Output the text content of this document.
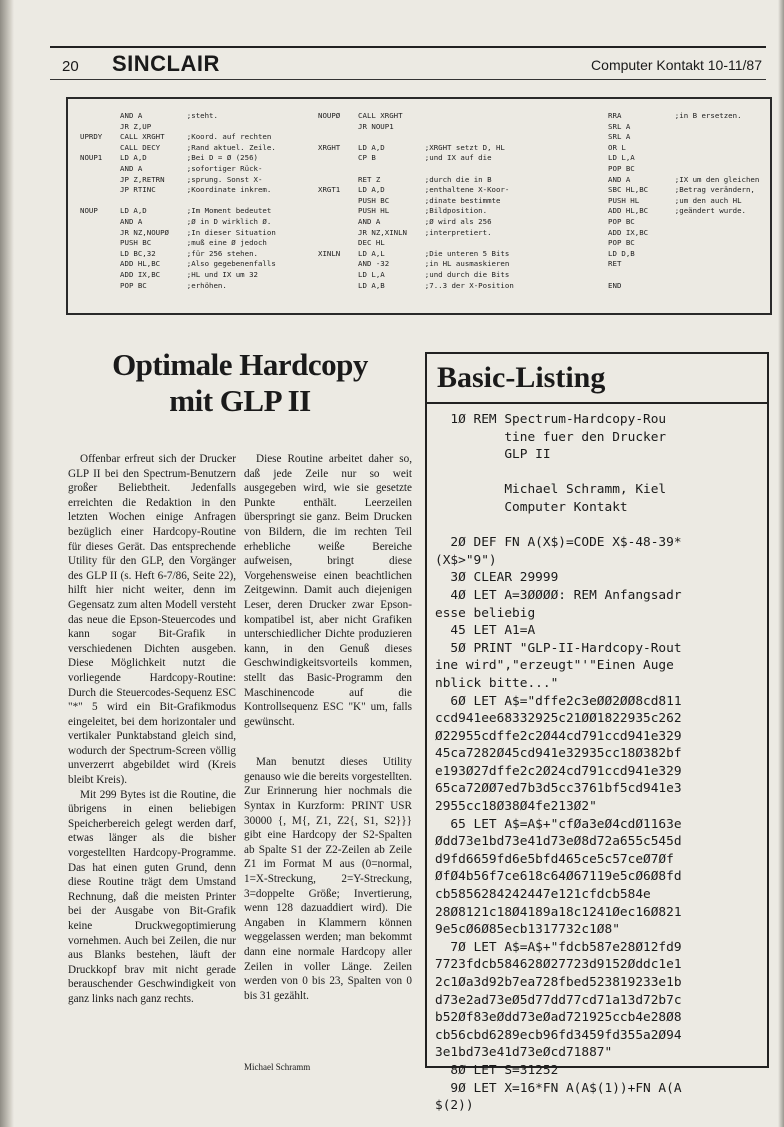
20 SINCLAIR	Computer Kontakt 10-11/87
AND A          ;steht.
JR Z,UP
UPRDY    CALL XRGHT     ;Koord. auf rechten
CALL DECY      ;Rand aktuel. Zeile.
NOUP1    LD A,D         ;Bei D = Ø (256)
AND A          ;sofortiger Rück-
JP Z,RETRN     ;sprung. Sonst X-
JP RTINC       ;Koordinate inkrem.

NOUP     LD A,D         ;Im Moment bedeutet
AND A          ;Ø in D wirklich Ø.
JR NZ,NOUPØ    ;In dieser Situation
PUSH BC        ;muß eine Ø jedoch
LD BC,32       ;für 256 stehen.
ADD HL,BC      ;Also gegebenenfalls
ADD IX,BC      ;HL und IX um 32
POP BC         ;erhöhen.
NOUPØ    CALL XRGHT
JR NOUP1

XRGHT    LD A,D         ;XRGHT setzt D, HL
CP B           ;und IX auf die

RET Z          ;durch die in B
XRGT1    LD A,D         ;enthaltene X-Koor-
PUSH BC        ;dinate bestimmte
PUSH HL        ;Bildposition.
AND A          ;Ø wird als 256
JR NZ,XINLN    ;interpretiert.
DEC HL
XINLN    LD A,L         ;Die unteren 5 Bits
AND -32        ;in HL ausmaskieren
LD L,A         ;und durch die Bits
LD A,B         ;7..3 der X-Position
RRA            ;in B ersetzen.
SRL A
SRL A
OR L
LD L,A
POP BC
AND A          ;IX um den gleichen
SBC HL,BC      ;Betrag verändern,
PUSH HL        ;um den auch HL
ADD HL,BC      ;geändert wurde.
POP BC
ADD IX,BC
POP BC
LD D,B
RET

END
Optimale Hardcopy
mit GLP II

Offenbar erfreut sich der Drucker GLP II bei den Spectrum-Benutzern großer Beliebtheit. Jedenfalls erreichten die Redaktion in den letzten Wochen einige Anfragen bezüglich einer Hardcopy-Routine für dieses Gerät. Das entsprechende Utility für den GLP, den Vorgänger des GLP II (s. Heft 6-7/86, Seite 22), hilft hier nicht weiter, denn im Gegensatz zum alten Modell versteht das neue die Epson-Steuercodes und kann sogar Bit-Grafik in verschiedenen Dichten ausgeben. Diese Möglichkeit nutzt die vorliegende Hardcopy-Routine: Durch die Steuercodes-Sequenz ESC "*" 5 wird ein Bit-Grafikmodus eingeleitet, bei dem horizontaler und vertikaler Punktabstand gleich sind, wodurch der Spectrum-Screen völlig unverzerrt abgebildet wird (Kreis bleibt Kreis).

Mit 299 Bytes ist die Routine, die übrigens in einen beliebigen Speicherbereich gelegt werden darf, etwas länger als die bisher vorgestellten Hardcopy-Programme. Das hat einen guten Grund, denn diese Routine trägt dem Umstand Rechnung, daß die meisten Printer bei der Ausgabe von Bit-Grafik keine Druckwegoptimierung vornehmen. Auch bei Zeilen, die nur aus Blanks bestehen, läuft der Druckkopf brav mit nicht gerade berauschender Geschwindigkeit von ganz links nach ganz rechts.

Diese Routine arbeitet daher so, daß jede Zeile nur so weit ausgegeben wird, wie sie gesetzte Punkte enthält. Leerzeilen überspringt sie ganz. Beim Drucken von Bildern, die im rechten Teil erhebliche weiße Bereiche aufweisen, bringt diese Vorgehensweise einen beachtlichen Zeitgewinn. Damit auch diejenigen Leser, deren Drucker zwar Epson-kompatibel ist, aber nicht Grafiken unterschiedlicher Dichte produzieren kann, in den Genuß dieses Geschwindigkeitsvorteils kommen, stellt das Basic-Programm den Maschinencode auf die Kontrollsequenz ESC "K" um, falls gewünscht.

Man benutzt dieses Utility genauso wie die bereits vorgestellten. Zur Erinnerung hier nochmals die Syntax in Kurzform: PRINT USR 30000 {, M{, Z1, Z2{, S1, S2}}} gibt eine Hardcopy der S2-Spalten ab Spalte S1 der Z2-Zeilen ab Zeile Z1 im Format M aus (0=normal, 1=X-Streckung, 2=Y-Streckung, 3=doppelte Größe; Invertierung, wenn 128 dazuaddiert wird). Die Angaben in Klammern können weggelassen werden; man bekommt dann eine normale Hardcopy aller Zeilen in voller Länge. Zeilen werden von 0 bis 23, Spalten von 0 bis 31 gezählt.

Michael Schramm
Basic-Listing
1Ø REM Spectrum-Hardcopy-Rou
tine fuer den Drucker
GLP II

Michael Schramm, Kiel
Computer Kontakt

2Ø DEF FN A(X$)=CODE X$-48-39*
(X$>"9")
3Ø CLEAR 29999
4Ø LET A=3ØØØØ: REM Anfangsadr
esse beliebig
45 LET A1=A
5Ø PRINT "GLP-II-Hardcopy-Rout
ine wird","erzeugt"'"Einen Auge
nblick bitte..."
6Ø LET A$="dffe2c3eØØ2ØØ8cd811
ccd941ee68332925c21ØØ1822935c262
Ø22955cdffe2c2Ø44cd791ccd941e329
45ca7282Ø45cd941e32935cc18Ø382bf
e193Ø27dffe2c2Ø24cd791ccd941e329
65ca72ØØ7ed7b3d5cc3761bf5cd941e3
2955cc18Ø38Ø4fe213Ø2"
65 LET A$=A$+"cfØa3eØ4cdØ1163e
Ødd73e1bd73e41d73eØ8d72a655c545d
d9fd6659fd6e5bfd465ce5c57ceØ7Øf
ØfØ4b56f7ce618c64Ø67119e5cØ6Ø8fd
cb5856284242447e121cfdcb584e
28Ø8121c18Ø4189a18c1241Øec16Ø821
9e5cØ6Ø85ecb1317732c1Ø8"
7Ø LET A$=A$+"fdcb587e28Ø12fd9
7723fdcb584628Ø27723d9152Øddc1e1
2c1Øa3d92b7ea728fbed523819233e1b
d73e2ad73eØ5d77dd77cd71a13d72b7c
b52Øf83eØdd73eØad721925ccb4e28Ø8
cb56cbd6289ecb96fd3459fd355a2Ø94
3e1bd73e41d73eØcd71887"
8Ø LET S=31252
9Ø LET X=16*FN A(A$(1))+FN A(A
$(2))
